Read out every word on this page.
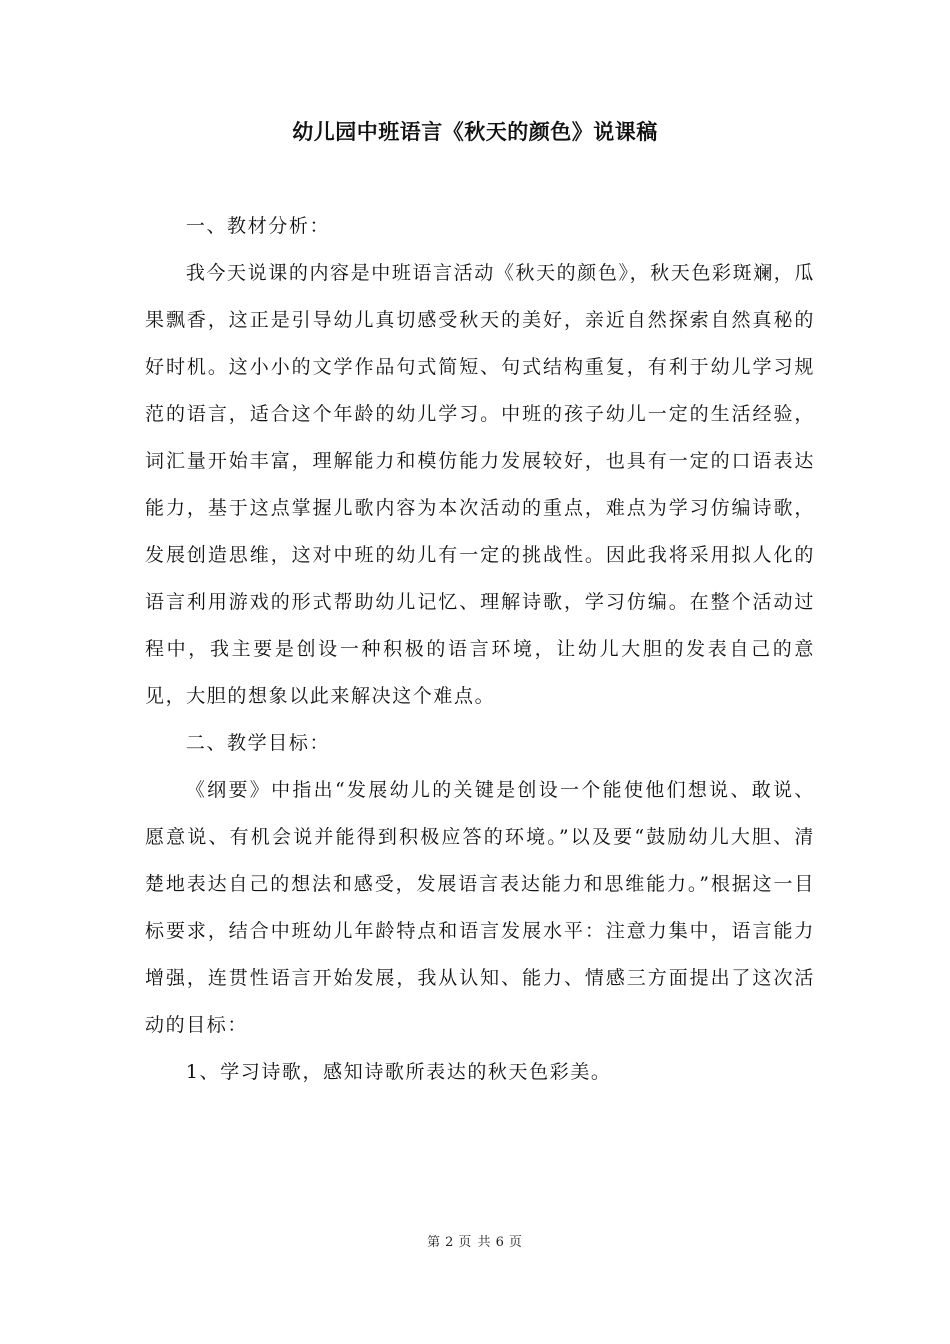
幼儿园中班语言《秋天的颜色》说课稿

一、教材分析：

我今天说课的内容是中班语言活动《秋天的颜色》，秋天色彩斑斓，瓜果飘香，这正是引导幼儿真切感受秋天的美好，亲近自然探索自然真秘的好时机。这小小的文学作品句式简短、句式结构重复，有利于幼儿学习规范的语言，适合这个年龄的幼儿学习。中班的孩子幼儿一定的生活经验，词汇量开始丰富，理解能力和模仿能力发展较好，也具有一定的口语表达能力，基于这点掌握儿歌内容为本次活动的重点，难点为学习仿编诗歌，发展创造思维，这对中班的幼儿有一定的挑战性。因此我将采用拟人化的语言利用游戏的形式帮助幼儿记忆、理解诗歌，学习仿编。在整个活动过程中，我主要是创设一种积极的语言环境，让幼儿大胆的发表自己的意见，大胆的想象以此来解决这个难点。

二、教学目标：

《纲要》中指出“发展幼儿的关键是创设一个能使他们想说、敢说、愿意说、有机会说并能得到积极应答的环境。”以及要“鼓励幼儿大胆、清楚地表达自己的想法和感受，发展语言表达能力和思维能力。”根据这一目标要求，结合中班幼儿年龄特点和语言发展水平：注意力集中，语言能力增强，连贯性语言开始发展，我从认知、能力、情感三方面提出了这次活动的目标：

1、学习诗歌，感知诗歌所表达的秋天色彩美。

第 2 页 共 6 页
